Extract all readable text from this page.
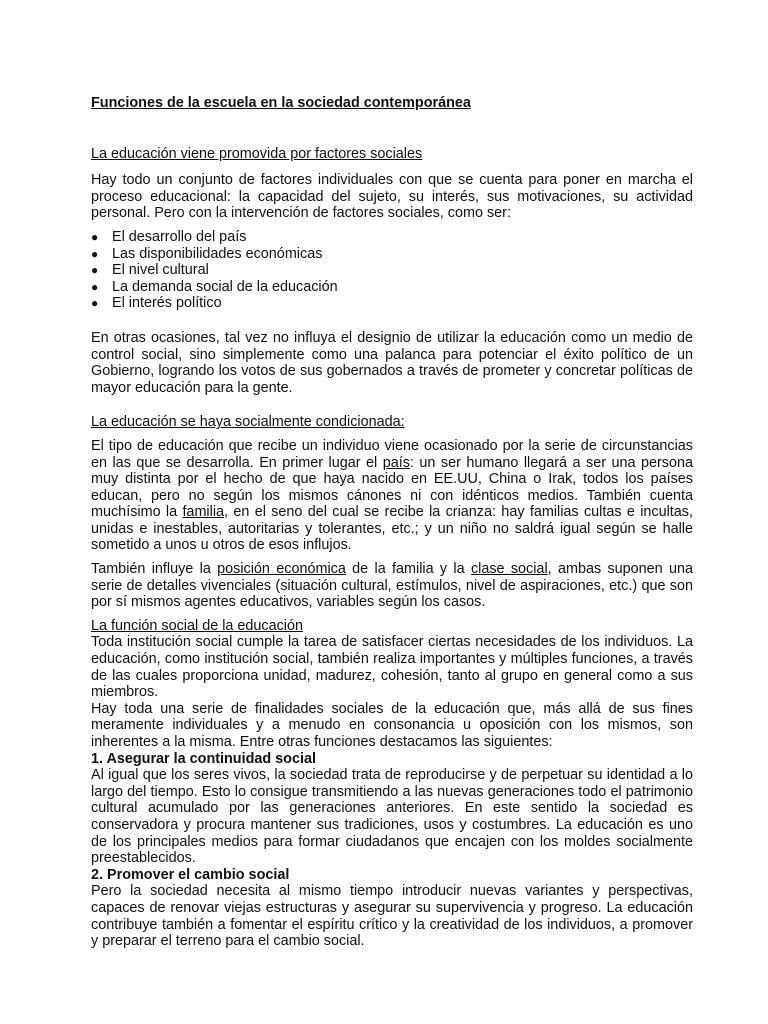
Funciones de la escuela en la sociedad contemporánea

La educación viene promovida por factores sociales

Hay todo un conjunto de factores individuales con que se cuenta para poner en marcha el proceso educacional: la capacidad del sujeto, su interés, sus motivaciones, su actividad personal. Pero con la intervención de factores sociales, como ser:

● El desarrollo del país
● Las disponibilidades económicas
● El nivel cultural
● La demanda social de la educación
● El interés político

En otras ocasiones, tal vez no influya el designio de utilizar la educación como un medio de control social, sino simplemente como una palanca para potenciar el éxito político de un Gobierno, logrando los votos de sus gobernados a través de prometer y concretar políticas de mayor educación para la gente.

La educación se haya socialmente condicionada:

El tipo de educación que recibe un individuo viene ocasionado por la serie de circunstancias en las que se desarrolla. En primer lugar el país: un ser humano llegará a ser una persona muy distinta por el hecho de que haya nacido en EE.UU, China o Irak, todos los países educan, pero no según los mismos cánones ni con idénticos medios. También cuenta muchísimo la familia, en el seno del cual se recibe la crianza: hay familias cultas e incultas, unidas e inestables, autoritarias y tolerantes, etc.; y un niño no saldrá igual según se halle sometido a unos u otros de esos influjos.

También influye la posición económica de la familia y la clase social, ambas suponen una serie de detalles vivenciales (situación cultural, estímulos, nivel de aspiraciones, etc.) que son por sí mismos agentes educativos, variables según los casos.

La función social de la educación

Toda institución social cumple la tarea de satisfacer ciertas necesidades de los individuos. La educación, como institución social, también realiza importantes y múltiples funciones, a través de las cuales proporciona unidad, madurez, cohesión, tanto al grupo en general como a sus miembros.

Hay toda una serie de finalidades sociales de la educación que, más allá de sus fines meramente individuales y a menudo en consonancia u oposición con los mismos, son inherentes a la misma. Entre otras funciones destacamos las siguientes:

1. Asegurar la continuidad social

Al igual que los seres vivos, la sociedad trata de reproducirse y de perpetuar su identidad a lo largo del tiempo. Esto lo consigue transmitiendo a las nuevas generaciones todo el patrimonio cultural acumulado por las generaciones anteriores. En este sentido la sociedad es conservadora y procura mantener sus tradiciones, usos y costumbres. La educación es uno de los principales medios para formar ciudadanos que encajen con los moldes socialmente preestablecidos.

2. Promover el cambio social

Pero la sociedad necesita al mismo tiempo introducir nuevas variantes y perspectivas, capaces de renovar viejas estructuras y asegurar su supervivencia y progreso. La educación contribuye también a fomentar el espíritu crítico y la creatividad de los individuos, a promover y preparar el terreno para el cambio social.
